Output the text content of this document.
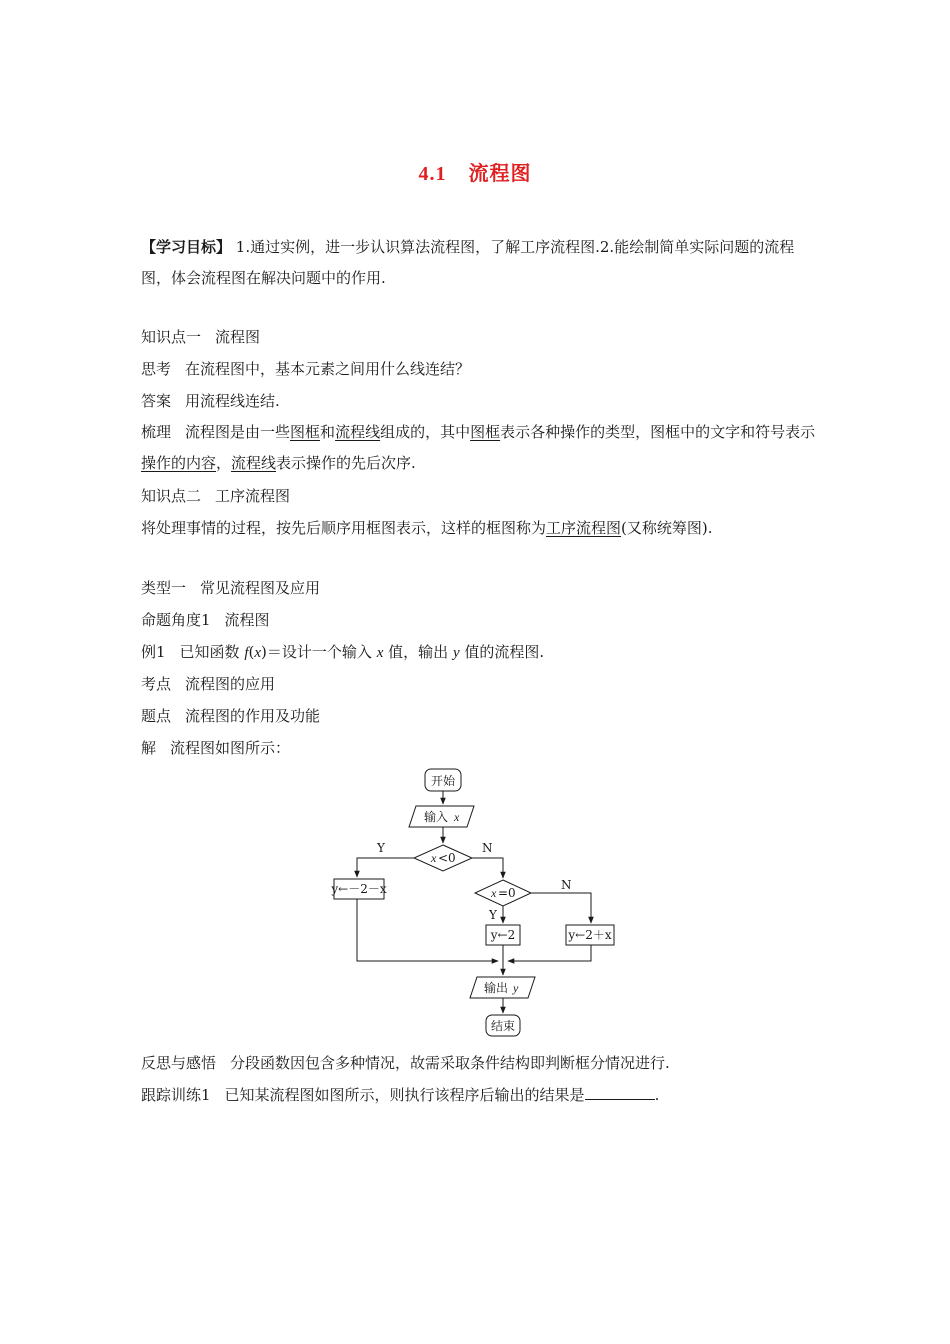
4.1 流程图
【学习目标】 1.通过实例，进一步认识算法流程图，了解工序流程图.2.能绘制简单实际问题的流程图，体会流程图在解决问题中的作用.
知识点一 流程图
思考 在流程图中，基本元素之间用什么线连结？
答案 用流程线连结.
梳理 流程图是由一些图框和流程线组成的，其中图框表示各种操作的类型，图框中的文字和符号表示操作的内容，流程线表示操作的先后次序.
知识点二 工序流程图
将处理事情的过程，按先后顺序用框图表示，这样的框图称为工序流程图(又称统筹图).
类型一 常见流程图及应用
命题角度1 流程图
例1 已知函数 f(x)＝设计一个输入 x 值，输出 y 值的流程图.
考点 流程图的应用
题点 流程图的作用及功能
解 流程图如图所示：
开始
输入 x
x <0
Y	N
x =0
Y
N
y←－2－x
y←2	y←2＋x
输出 y
结束
反思与感悟 分段函数因包含多种情况，故需采取条件结构即判断框分情况进行.
跟踪训练1 已知某流程图如图所示，则执行该程序后输出的结果是	.
